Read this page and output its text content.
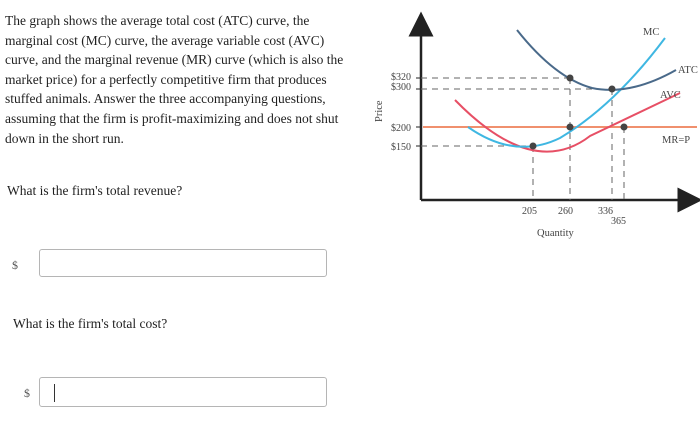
The graph shows the average total cost (ATC) curve, the marginal cost (MC) curve, the average variable cost (AVC) curve, and the marginal revenue (MR) curve (which is also the market price) for a perfectly competitive firm that produces stuffed animals. Answer the three accompanying questions, assuming that the firm is profit-maximizing and does not shut down in the short run.
What is the firm's total revenue?
$
What is the firm's total cost?
$
$320
$300
$200
$150
205 260	336
365
Price
Quantity
MC
ATC
AVC
MR=P
